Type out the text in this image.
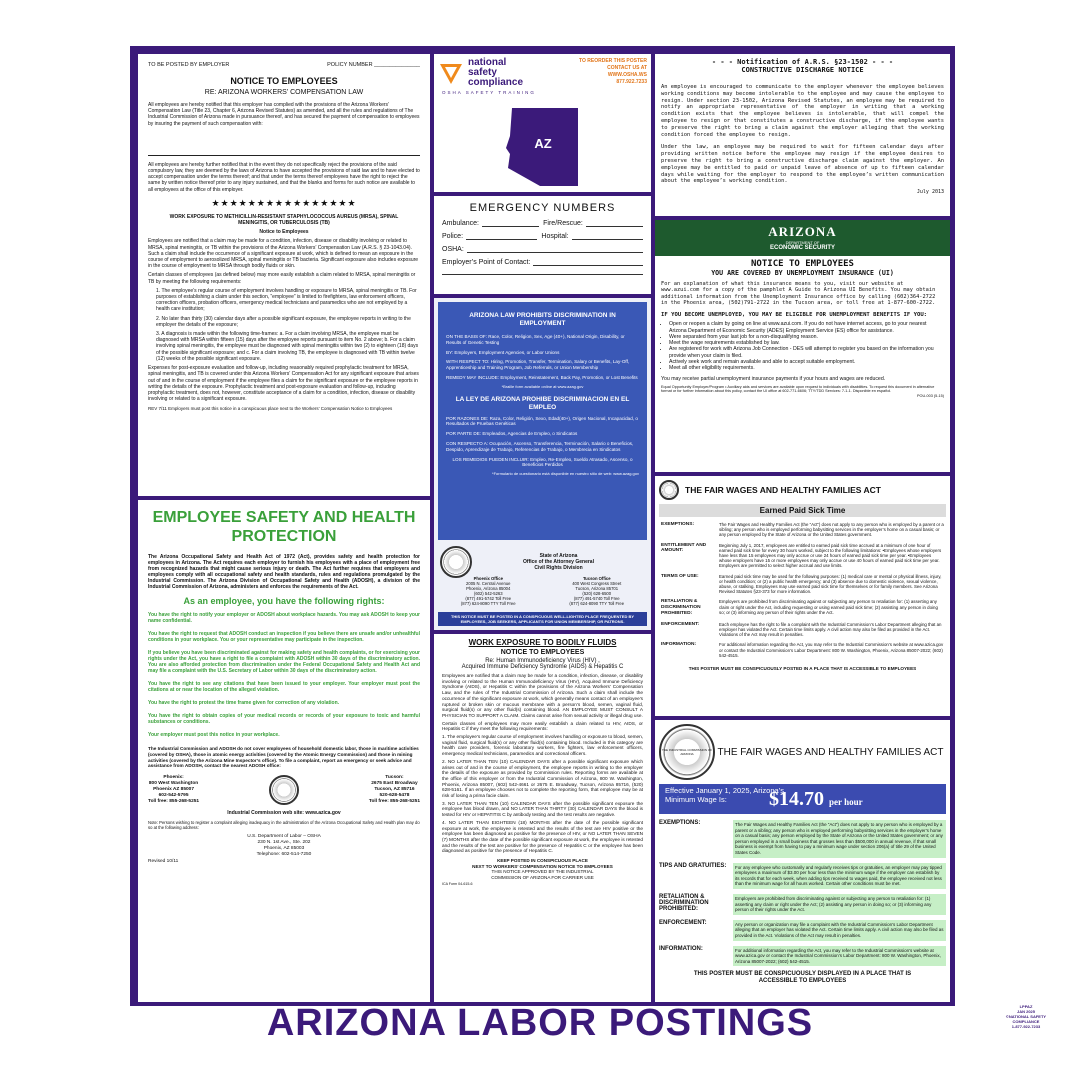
TO BE POSTED BY EMPLOYER	POLICY NUMBER _______________
NOTICE TO EMPLOYEES
RE: ARIZONA WORKERS’ COMPENSATION LAW

All employees are hereby notified that this employer has complied with the provisions of the Arizona Workers’ Compensation Law (Title 23, Chapter 6, Arizona Revised Statutes) as amended, and all the rules and regulations of The Industrial Commission of Arizona made in pursuance thereof, and has secured the payment of compensation to employees by insuring the payment of such compensation with:

All employees are hereby further notified that in the event they do not specifically reject the provisions of the said compulsory law, they are deemed by the laws of Arizona to have accepted the provisions of said law and to have elected to accept compensation under the terms thereof; and that under the terms thereof employees have the right to reject the same by written notice thereof prior to any injury sustained, and that the blanks and forms for such notice are available to all employees at the office of this employer.

★★★★★★★★★★★★★★★★
WORK EXPOSURE TO METHICILLIN-RESISTANT STAPHYLOCOCCUS AUREUS (MRSA), SPINAL MENINGITIS, OR TUBERCULOSIS (TB)
Notice to Employees

Employees are notified that a claim may be made for a condition, infection, disease or disability involving or related to MRSA, spinal meningitis, or TB within the provisions of the Arizona Workers’ Compensation Law (A.R.S. § 23-1043.04). Such a claim shall include the occurrence of a significant exposure at work, which is defined to mean an exposure in the course of employment to aerosolized MRSA, spinal meningitis or TB bacteria. Significant exposure also includes exposure in the course of employment to MRSA through bodily fluids or skin.

Certain classes of employees (as defined below) may more easily establish a claim related to MRSA, spinal meningitis or TB by meeting the following requirements:

1. The employee’s regular course of employment involves handling or exposure to MRSA, spinal meningitis or TB. For purposes of establishing a claim under this section, “employee” is limited to firefighters, law enforcement officers, correction officers, probation officers, emergency medical technicians and paramedics who are not employed by a health care institution;

2. No later than thirty (30) calendar days after a possible significant exposure, the employee reports in writing to the employer the details of the exposure;

3. A diagnosis is made within the following time-frames: a. For a claim involving MRSA, the employee must be diagnosed with MRSA within fifteen (15) days after the employee reports pursuant to item No. 2 above; b. For a claim involving spinal meningitis, the employee must be diagnosed with spinal meningitis within two (2) to eighteen (18) days of the possible significant exposure; and c. For a claim involving TB, the employee is diagnosed with TB within twelve (12) weeks of the possible significant exposure.

Expenses for post-exposure evaluation and follow-up, including reasonably required prophylactic treatment for MRSA, spinal meningitis, and TB is covered under this Arizona Workers’ Compensation Act for any significant exposure that arises out of and in the course of employment if the employee files a claim for the significant exposure or the employee reports in writing the details of the exposure. Prophylactic treatment and post-exposure evaluation and follow-up, including prophylactic treatment, does not, however, constitute acceptance of a claim for a condition, infection, disease or disability involving or related to a significant exposure.

REV 7/11 Employers must post this notice in a conspicuous place next to the Workers’ Compensation Notice to Employees

national
safety
compliance
TO REORDER THIS POSTER
CONTACT US AT
WWW.OSHA.WS
877.922.7233
OSHA SAFETY TRAINING
AZ
EMERGENCY NUMBERS
Ambulance:	Fire/Rescue:
Police:	Hospital:
OSHA:
Employer’s Point of Contact:
ARIZONA LAW PROHIBITS DISCRIMINATION IN EMPLOYMENT

ON THE BASIS OF: Race, Color, Religion, Sex, Age (40+), National Origin, Disability, or Results of Genetic Testing

BY: Employers, Employment Agencies, or Labor Unions

WITH RESPECT TO: Hiring, Promotion, Transfer, Termination, Salary or Benefits, Lay-Off, Apprenticeship and Training Program, Job Referrals, or Union Membership

REMEDY MAY INCLUDE: Employment, Reinstatement, Back Pay, Promotion, or Lost Benefits

*Braille form available online at www.azag.gov

LA LEY DE ARIZONA PROHIBE DISCRIMINACION EN EL EMPLEO

POR RAZONES DE: Raza, Color, Religión, Sexo, Edad(40+), Origen Nacional, Incapacidad, o Resultados de Pruebas Genéticas

POR PARTE DE: Empleados, Agencias de Empleo, o Sindicatos

CON RESPECTO A: Ocupación, Ascenso, Transferencia, Terminación, Salario o Beneficios, Despido, Aprendizaje de Trabajo, Referencias de Trabajo, o Membrecia en Sindicatos

LOS REMEDIOS PUEDEN INCLUIR: Empleo, Re-Empleo, Sueldo Atrasado, Ascenso, o Beneficios Perdidos

*Formulario de cuestionario está disponible en nuestro sitio de web: www.azag.gov

State of Arizona
Office of the Attorney General
Civil Rights Division
Phoenix Office
2005 N. Central Avenue
Phoenix, Arizona 85004
(602) 542-5263
(877) 491-5742 Toll Free
(877) 624-8090 TTY Toll Free
Tucson Office
400 West Congress Street
Tucson, Arizona 85701
(520) 628-6500
(877) 491-5740 Toll Free
(877) 624-8090 TTY Toll Free
THIS NOTICE MUST BE POSTED IN A CONSPICUOUS WELL-LIGHTED PLACE FREQUENTED BY EMPLOYEES, JOB SEEKERS, APPLICANTS FOR UNION MEMBERSHIP, OR PATRONS.
- - - Notification of A.R.S. §23-1502 - - -
CONSTRUCTIVE DISCHARGE NOTICE

An employee is encouraged to communicate to the employer whenever the employee believes working conditions may become intolerable to the employee and may cause the employee to resign. Under section 23-1502, Arizona Revised Statutes, an employee may be required to notify an appropriate representative of the employer in writing that a working condition exists that the employee believes is intolerable, that will compel the employee to resign or that constitutes a constructive discharge, if the employee wants to preserve the right to bring a claim against the employer alleging that the working condition forced the employee to resign.

Under the law, an employee may be required to wait for fifteen calendar days after providing written notice before the employee may resign if the employee desires to preserve the right to bring a constructive discharge claim against the employer. An employee may be entitled to paid or unpaid leave of absence of up to fifteen calendar days while waiting for the employer to respond to the employee’s written communication about the employee’s working condition.

July 2013
ARIZONA
DEPARTMENT OF
ECONOMIC SECURITY
NOTICE TO EMPLOYEES
YOU ARE COVERED BY UNEMPLOYMENT INSURANCE (UI)

For an explanation of what this insurance means to you, visit our website at www.azui.com for a copy of the pamphlet A Guide to Arizona UI Benefits. You may obtain additional information from the Unemployment Insurance office by calling (602)364-2722 in the Phoenix area, (502)791-2722 in the Tucson area, or toll free at 1-877-600-2722.

IF YOU BECOME UNEMPLOYED, YOU MAY BE ELIGIBLE FOR UNEMPLOYMENT BENEFITS IF YOU:

• Open or reopen a claim by going on line at www.azui.com. If you do not have internet access, go to your nearest Arizona Department of Economic Security (ADES) Employment Service (ES) office for assistance.
• Were separated from your last job for a non-disqualifying reason.
• Meet the wage requirements established by law.
• Are registered for work with Arizona Job Connection - DES will attempt to register you based on the information you provide when your claim is filed.
• Actively seek work and remain available and able to accept suitable employment.
• Meet all other eligibility requirements.

You may receive partial unemployment insurance payments if your hours and wages are reduced.

Equal Opportunity Employer/Program • Auxiliary aids and services are available upon request to individuals with disabilities. To request this document in alternative format or for further information about this policy, contact the UI office at 602-771-6606; TTY/TDD Services: 7-1-1. Disponible en español.

POU-003 (5-15)
THE FAIR WAGES AND HEALTHY FAMILIES ACT
Earned Paid Sick Time
EXEMPTIONS:	The Fair Wages and Healthy Families Act (the “Act”) does not apply to any person who is employed by a parent or a sibling; any person who is employed performing babysitting services in the employer’s home on a casual basis; or any person employed by the State of Arizona or the United States government.
ENTITLEMENT AND AMOUNT:	Beginning July 1, 2017, employees are entitled to earned paid sick time accrued at a minimum of one hour of earned paid sick time for every 30 hours worked, subject to the following limitations: •Employees whose employers have less than 15 employees may only accrue or use 24 hours of earned paid sick time per year. •Employees whose employers have 15 or more employees may only accrue or use 40 hours of earned paid sick time per year. Employers are permitted to select higher accrual and use limits.
TERMS OF USE:	Earned paid sick time may be used for the following purposes: (1) medical care or mental or physical illness, injury, or health condition; or (2) a public health emergency; and (3) absence due to domestic violence, sexual violence, abuse, or stalking. Employees may use earned paid sick time for themselves or for family members. See Arizona Revised Statutes §23-373 for more information.
RETALIATION & DISCRIMINATION PROHIBITED:	Employers are prohibited from discriminating against or subjecting any person to retaliation for: (1) asserting any claim or right under the Act, including requesting or using earned paid sick time; (2) assisting any person in doing so; or (3) informing any person of their rights under the Act.
ENFORCEMENT:	Each employee has the right to file a complaint with the Industrial Commission’s Labor Department alleging that an employer has violated the Act. Certain time limits apply. A civil action may also be filed as provided in the Act. Violations of the Act may result in penalties.
INFORMATION:	For additional information regarding the Act, you may refer to the Industrial Commission’s website at www.azica.gov or contact the Industrial Commission’s Labor Department: 800 W. Washington, Phoenix, Arizona 85007-2022; (602) 542-4515.
THIS POSTER MUST BE CONSPICUOUSLY POSTED IN A PLACE THAT IS ACCESSIBLE TO EMPLOYEES
EMPLOYEE SAFETY AND HEALTH PROTECTION

The Arizona Occupational Safety and Health Act of 1972 (Act), provides safety and health protection for employees in Arizona. The Act requires each employer to furnish his employees with a place of employment free from recognized hazards that might cause serious injury or death. The Act further requires that employers and employees comply with all occupational safety and health standards, rules and regulations promulgated by the Industrial Commission. The Arizona Division of Occupational Safety and Health (ADOSH), a division of the Industrial Commission of Arizona, administers and enforces the requirements of the Act.

As an employee, you have the following rights:

You have the right to notify your employer or ADOSH about workplace hazards. You may ask ADOSH to keep your name confidential.

You have the right to request that ADOSH conduct an inspection if you believe there are unsafe and/or unhealthful conditions in your workplace. You or your representative may participate in the inspection.

If you believe you have been discriminated against for making safety and health complaints, or for exercising your rights under the Act, you have a right to file a complaint with ADOSH within 30 days of the discriminatory action. You are also afforded protection from discrimination under the Federal Occupational Safety and Health Act and may file a complaint with the U.S. Secretary of Labor within 30 days of the discriminatory action.

You have the right to see any citations that have been issued to your employer. Your employer must post the citations at or near the location of the alleged violation.

You have the right to protest the time frame given for correction of any violation.

You have the right to obtain copies of your medical records or records of your exposure to toxic and harmful substances or conditions.

Your employer must post this notice in your workplace.

The Industrial Commission and ADOSH do not cover employees of household domestic labor, those in maritime activities (covered by OSHA), those in atomic energy activities (covered by the Atomic Energy Commission) and those in mining activities (covered by the Arizona Mine Inspector’s office). To file a complaint, report an emergency or seek advice and assistance from ADOSH, contact the nearest ADOSH office:

Phoenix:
800 West Washington
Phoenix AZ 85007
602-542-5795
Toll free: 855-268-5251
Tucson:
2675 East Broadway
Tucson, AZ 85716
520-628-5478
Toll free: 855-268-5251
Industrial Commission web site: www.azica.gov

Note: Persons wishing to register a complaint alleging inadequacy in the administration of the Arizona Occupational Safety and Health plan may do so at the following address:

U.S. Department of Labor – OSHA
230 N. 1st Ave., Ste. 202
Phoenix, AZ 85003
Telephone: 602-514-7250
Revised 10/11
WORK EXPOSURE TO BODILY FLUIDS
NOTICE TO EMPLOYEES
Re: Human Immunodeficiency Virus (HIV) ,
Acquired Immune Deficiency Syndrome (AIDS) & Hepatitis C

Employees are notified that a claim may be made for a condition, infection, disease, or disability involving or related to the Human Immunodeficiency Virus (HIV), Acquired Immune Deficiency Syndrome (AIDS), or Hepatitis C within the provisions of the Arizona Workers’ Compensation Law, and the rules of The Industrial Commission of Arizona. Such a claim shall include the occurrence of the significant exposure at work, which generally means contact of an employee’s ruptured or broken skin or mucous membrane with a person’s blood, semen, vaginal fluid, surgical fluid(s) or any other fluid(s) containing blood. AN EMPLOYEE MUST CONSULT A PHYSICIAN TO SUPPORT A CLAIM. Claims cannot arise from sexual activity or illegal drug use.

Certain classes of employees may more easily establish a claim related to HIV, AIDS, or Hepatitis C if they meet the following requirements:

1. The employee’s regular course of employment involves handling or exposure to blood, semen, vaginal fluid, surgical fluid(s) or any other fluid(s) containing blood. Included in this category are health care providers, forensic laboratory workers, fire fighters, law enforcement officers, emergency medical technicians, paramedics and correctional officers.

2. NO LATER THAN TEN (10) CALENDAR DAYS after a possible significant exposure which arises out of and in the course of employment, the employee reports in writing to the employer the details of the exposure as provided by Commission rules. Reporting forms are available at the office of this employer or from the Industrial Commission of Arizona, 800 W. Washington, Phoenix, Arizona 85007, (602) 542-4661 or 2675 E. Broadway, Tucson, Arizona 85716, (520) 628-5161. If an employee chooses not to complete the reporting form, that employee may be at risk of losing a prima facie claim.

3. NO LATER THAN TEN (10) CALENDAR DAYS after the possible significant exposure the employee has blood drawn, and NO LATER THAN THIRTY (30) CALENDAR DAYS the blood is tested for HIV or HEPATITIS C by antibody testing and the test results are negative.

4. NO LATER THAN EIGHTEEN (18) MONTHS after the date of the possible significant exposure at work, the employee is retested and the results of the test are HIV positive or the employee has been diagnosed as positive for the presence of HIV, or NO LATER THAN SEVEN (7) MONTHS after the date of the possible significant exposure at work, the employee is retested and the results of the test are positive for the presence of Hepatitis C or the employee has been diagnosed as positive for the presence of Hepatitis C.

KEEP POSTED IN CONSPICUOUS PLACE
NEXT TO WORKERS’ COMPENSATION NOTICE TO EMPLOYEES
THIS NOTICE APPROVED BY THE INDUSTRIAL
COMMISSION OF ARIZONA FOR CARRIER USE
ICA Form 04-615-6
THE INDUSTRIAL COMMISSION OF ARIZONA	THE FAIR WAGES AND HEALTHY FAMILIES ACT
Effective January 1, 2025, Arizona’s Minimum Wage Is:	$14.70 per hour
EXEMPTIONS:	The Fair Wages and Healthy Families Act (the “Act”) does not apply to any person who is employed by a parent or a sibling; any person who is employed performing babysitting services in the employer’s home on a casual basis; any person employed by the State of Arizona or the United States government; or any person employed in a small business that grosses less than $500,000 in annual revenue, if that small business is exempt from having to pay a minimum wage under section 206(a) of title 29 of the United States Code.
TIPS AND GRATUITIES:	For any employee who customarily and regularly receives tips or gratuities, an employer may pay tipped employees a maximum of $3.00 per hour less than the minimum wage if the employer can establish by its records that for each week, when adding tips received to wages paid, the employee received not less than the minimum wage for all hours worked. Certain other conditions must be met.
RETALIATION & DISCRIMINATION PROHIBITED:
Employers are prohibited from discriminating against or subjecting any person to retaliation for: (1) asserting any claim or right under the Act; (2) assisting any person in doing so; or (3) informing any person of their rights under the Act.
ENFORCEMENT:	Any person or organization may file a complaint with the Industrial Commission’s Labor Department alleging that an employer has violated the Act. Certain time limits apply. A civil action may also be filed as provided in the Act. Violations of the Act may result in penalties.
INFORMATION:	For additional information regarding the Act, you may refer to the Industrial Commission’s website at www.azica.gov or contact the Industrial Commission’s Labor Department: 800 W. Washington, Phoenix, Arizona 85007-2022; (602) 542-4515.
THIS POSTER MUST BE CONSPICUOUSLY DISPLAYED IN A PLACE THAT IS ACCESSIBLE TO EMPLOYEES
ARIZONA LABOR POSTINGS	LPPAZ
JAN 2025
©NATIONAL SAFETY COMPLIANCE
1-877-922-7233
